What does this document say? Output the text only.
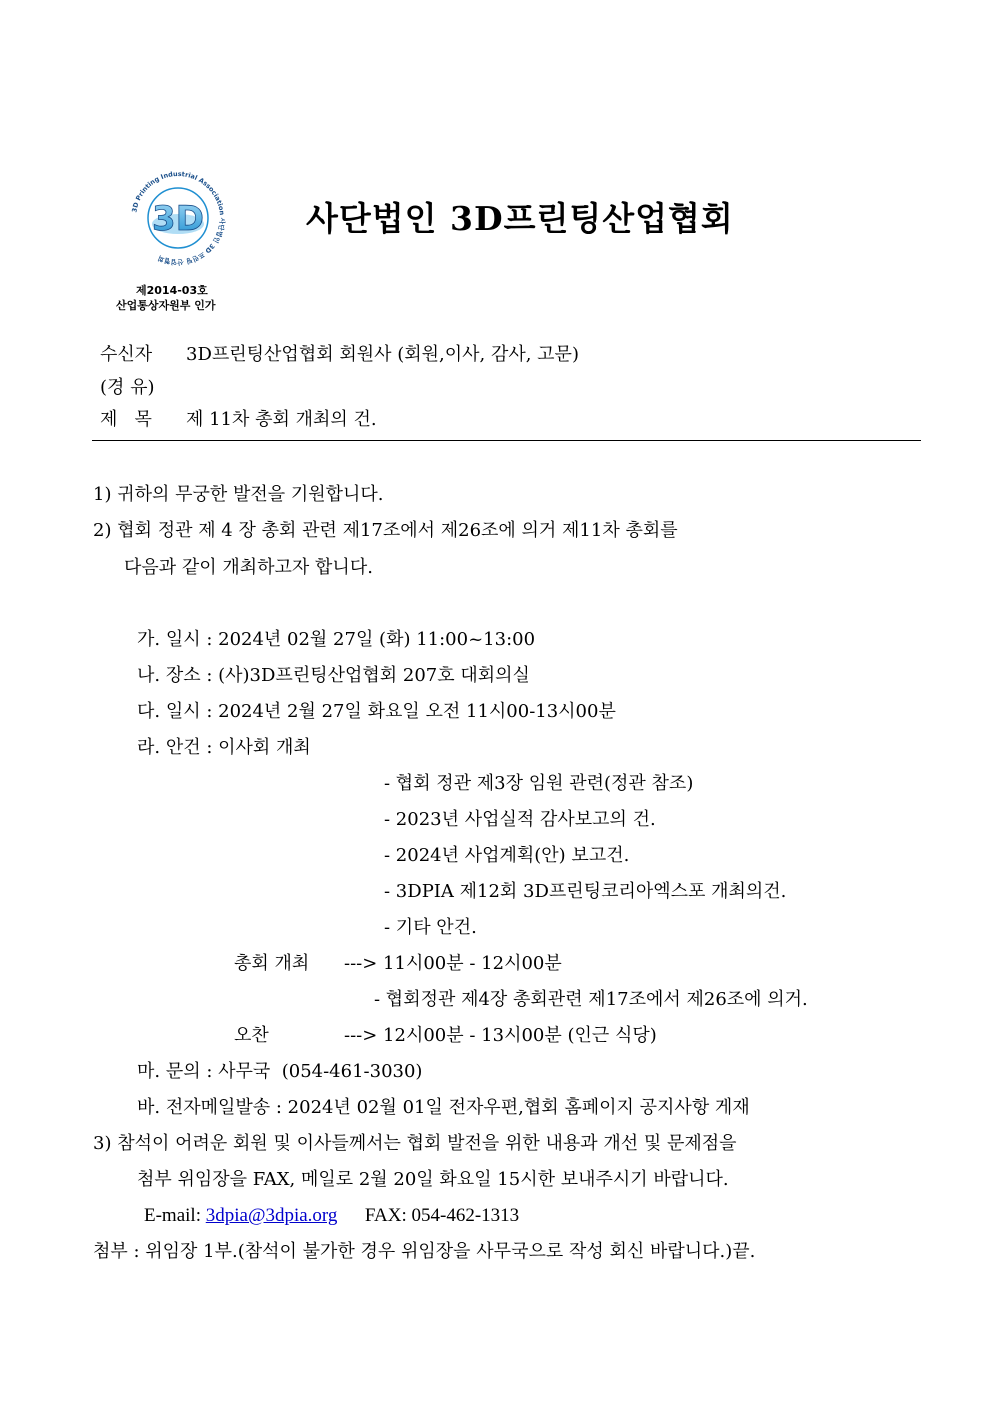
3D
3D Printing Industrial Association 사단법인 3D 프린팅 산업협회
사단법인 3D프린팅산업협회
제2014-03호
산업통상자원부 인가
수신자 3D프린팅산업협회 회원사 (회원,이사, 감사, 고문)
(경 유)
제   목 제 11차 총회 개최의 건.
1) 귀하의 무궁한 발전을 기원합니다.
2) 협회 정관 제 4 장 총회 관련 제17조에서 제26조에 의거 제11차 총회를
다음과 같이 개최하고자 합니다.
가. 일시 : 2024년 02월 27일 (화) 11:00~13:00
나. 장소 : (사)3D프린팅산업협회 207호 대회의실
다. 일시 : 2024년 2월 27일 화요일 오전 11시00-13시00분
라. 안건 : 이사회 개최
- 협회 정관 제3장 임원 관련(정관 참조)
- 2023년 사업실적 감사보고의 건.
- 2024년 사업계획(안) 보고건.
- 3DPIA 제12회 3D프린팅코리아엑스포 개최의건.
- 기타 안건.
총회 개최 ---> 11시00분 - 12시00분
- 협회정관 제4장 총회관련 제17조에서 제26조에 의거.
오찬	---> 12시00분 - 13시00분 (인근 식당)
마. 문의 : 사무국  (054-461-3030)
바. 전자메일발송 : 2024년 02월 01일 전자우편,협회 홈페이지 공지사항 게재
3) 참석이 어려운 회원 및 이사들께서는 협회 발전을 위한 내용과 개선 및 문제점을
첨부 위임장을 FAX, 메일로 2월 20일 화요일 15시한 보내주시기 바랍니다.
E-mail: 3dpia@3dpia.org FAX: 054-462-1313
첨부 : 위임장 1부.(참석이 불가한 경우 위임장을 사무국으로 작성 회신 바랍니다.)끝.
